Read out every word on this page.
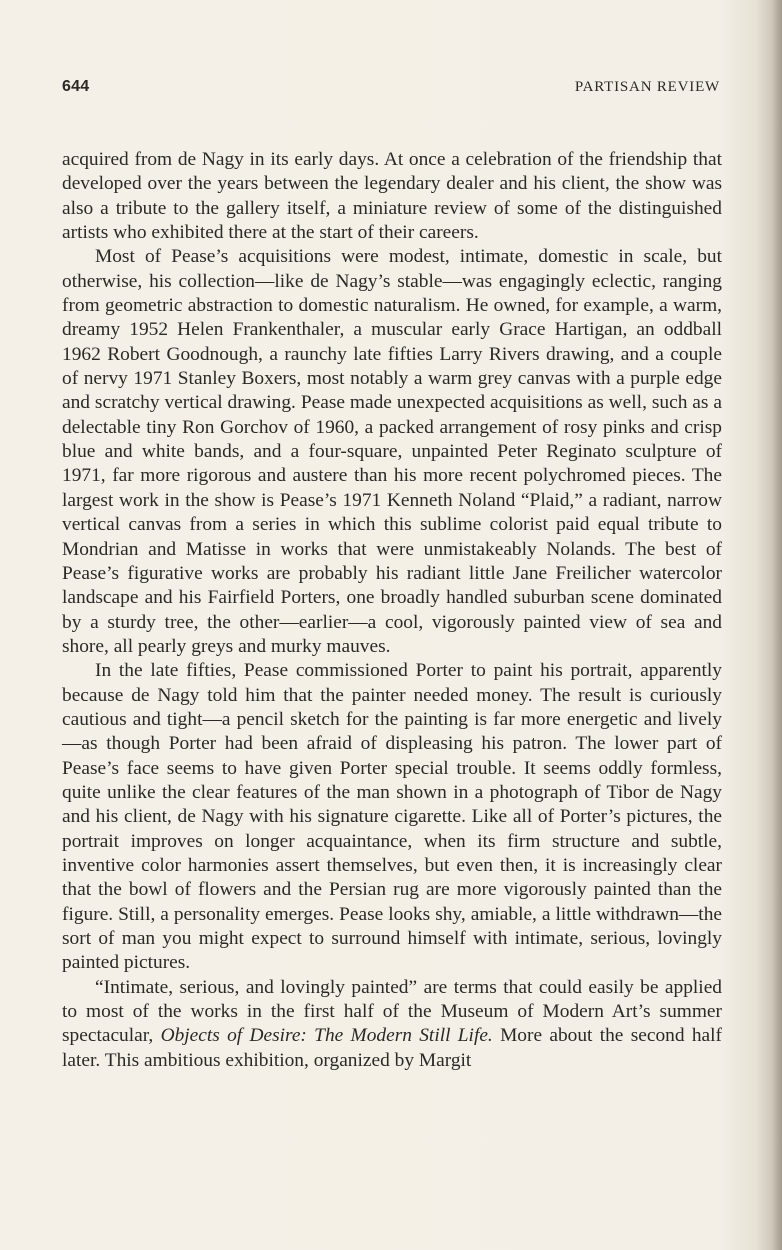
644	PARTISAN REVIEW

acquired from de Nagy in its early days. At once a celebration of the friendship that developed over the years between the legendary dealer and his client, the show was also a tribute to the gallery itself, a miniature review of some of the distinguished artists who exhibited there at the start of their careers.

Most of Pease’s acquisitions were modest, intimate, domestic in scale, but otherwise, his collection—like de Nagy’s stable—was engagingly eclectic, ranging from geometric abstraction to domestic naturalism. He owned, for example, a warm, dreamy 1952 Helen Frankenthaler, a muscular early Grace Hartigan, an oddball 1962 Robert Goodnough, a raunchy late fifties Larry Rivers drawing, and a couple of nervy 1971 Stanley Boxers, most notably a warm grey canvas with a purple edge and scratchy vertical drawing. Pease made unexpected acquisitions as well, such as a delectable tiny Ron Gorchov of 1960, a packed arrangement of rosy pinks and crisp blue and white bands, and a four-square, unpainted Peter Reginato sculpture of 1971, far more rigorous and austere than his more recent polychromed pieces. The largest work in the show is Pease’s 1971 Kenneth Noland “Plaid,” a radiant, narrow vertical canvas from a series in which this sublime colorist paid equal tribute to Mondrian and Matisse in works that were unmistakeably Nolands. The best of Pease’s figurative works are probably his radiant little Jane Freilicher watercolor landscape and his Fairfield Porters, one broadly handled suburban scene dominated by a sturdy tree, the other—earlier—a cool, vigorously painted view of sea and shore, all pearly greys and murky mauves.

In the late fifties, Pease commissioned Porter to paint his portrait, apparently because de Nagy told him that the painter needed money. The result is curiously cautious and tight—a pencil sketch for the painting is far more energetic and lively—as though Porter had been afraid of displeasing his patron. The lower part of Pease’s face seems to have given Porter special trouble. It seems oddly formless, quite unlike the clear features of the man shown in a photograph of Tibor de Nagy and his client, de Nagy with his signature cigarette. Like all of Porter’s pictures, the portrait improves on longer acquaintance, when its firm structure and subtle, inventive color harmonies assert themselves, but even then, it is increasingly clear that the bowl of flowers and the Persian rug are more vigorously painted than the figure. Still, a personality emerges. Pease looks shy, amiable, a little withdrawn—the sort of man you might expect to surround himself with intimate, serious, lovingly painted pictures.

“Intimate, serious, and lovingly painted” are terms that could easily be applied to most of the works in the first half of the Museum of Modern Art’s summer spectacular, Objects of Desire: The Modern Still Life. More about the second half later. This ambitious exhibition, organized by Margit
